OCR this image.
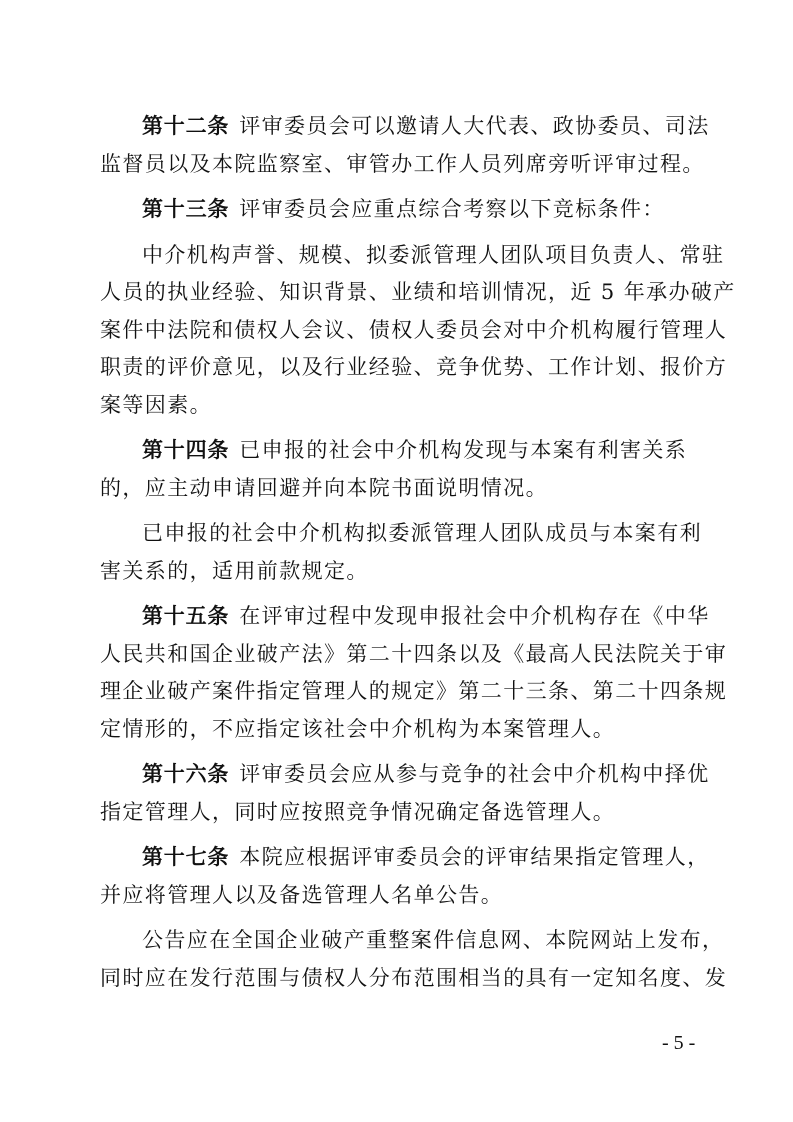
第十二条 评审委员会可以邀请人大代表、政协委员、司法
监督员以及本院监察室、审管办工作人员列席旁听评审过程。

第十三条 评审委员会应重点综合考察以下竞标条件：

中介机构声誉、规模、拟委派管理人团队项目负责人、常驻
人员的执业经验、知识背景、业绩和培训情况，近 5 年承办破产
案件中法院和债权人会议、债权人委员会对中介机构履行管理人
职责的评价意见，以及行业经验、竞争优势、工作计划、报价方
案等因素。

第十四条 已申报的社会中介机构发现与本案有利害关系
的，应主动申请回避并向本院书面说明情况。

已申报的社会中介机构拟委派管理人团队成员与本案有利
害关系的，适用前款规定。

第十五条 在评审过程中发现申报社会中介机构存在《中华
人民共和国企业破产法》第二十四条以及《最高人民法院关于审
理企业破产案件指定管理人的规定》第二十三条、第二十四条规
定情形的，不应指定该社会中介机构为本案管理人。

第十六条 评审委员会应从参与竞争的社会中介机构中择优
指定管理人，同时应按照竞争情况确定备选管理人。

第十七条 本院应根据评审委员会的评审结果指定管理人，
并应将管理人以及备选管理人名单公告。

公告应在全国企业破产重整案件信息网、本院网站上发布，
同时应在发行范围与债权人分布范围相当的具有一定知名度、发

- 5 -
